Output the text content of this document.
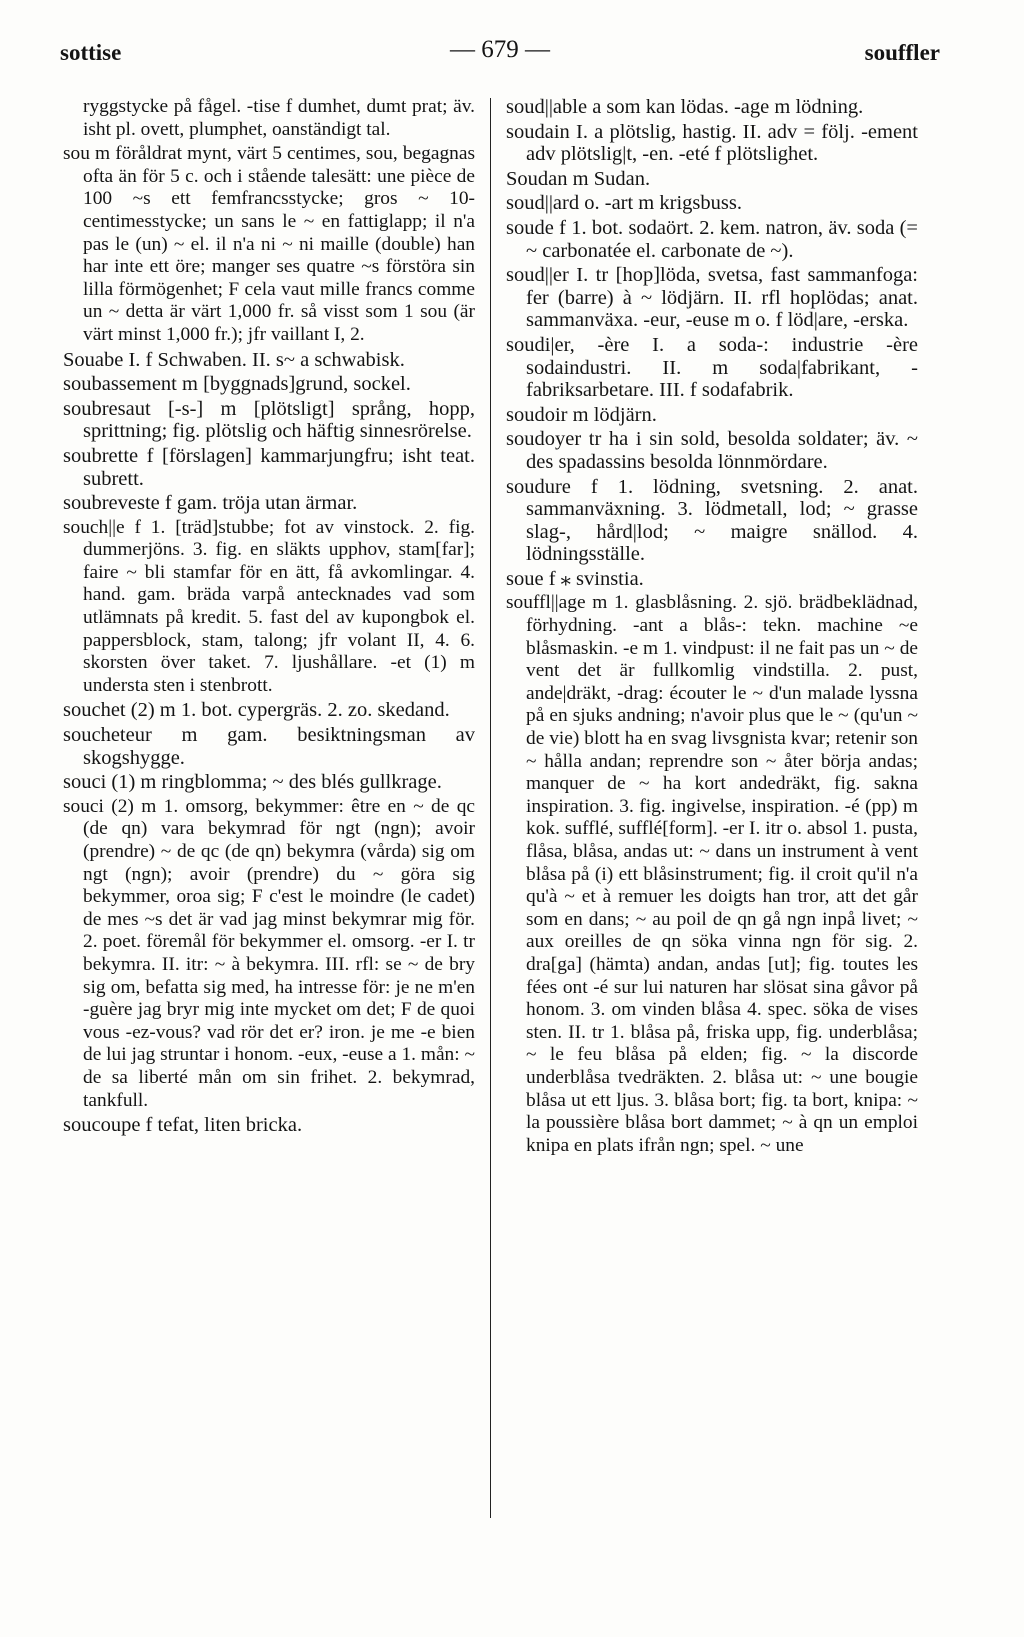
sottise	— 679 —	souffler

ryggstycke på fågel. -tise f dumhet, dumt prat; äv. isht pl. ovett, plumphet, oanständigt tal.

sou m föråldrat mynt, värt 5 centimes, sou, begagnas ofta än för 5 c. och i stående talesätt: une pièce de 100 ~s ett femfrancsstycke; gros ~ 10-centimesstycke; un sans le ~ en fattiglapp; il n'a pas le (un) ~ el. il n'a ni ~ ni maille (double) han har inte ett öre; manger ses quatre ~s förstöra sin lilla förmögenhet; F cela vaut mille francs comme un ~ detta är värt 1,000 fr. så visst som 1 sou (är värt minst 1,000 fr.); jfr vaillant I, 2.

Souabe I. f Schwaben. II. s~ a schwabisk.

soubassement m [byggnads]grund, sockel.

soubresaut [-s-] m [plötsligt] språng, hopp, sprittning; fig. plötslig och häftig sinnesrörelse.

soubrette f [förslagen] kammarjungfru; isht teat. subrett.

soubreveste f gam. tröja utan ärmar.

souch||e f 1. [träd]stubbe; fot av vinstock. 2. fig. dummerjöns. 3. fig. en släkts upphov, stam[far]; faire ~ bli stamfar för en ätt, få avkomlingar. 4. hand. gam. bräda varpå antecknades vad som utlämnats på kredit. 5. fast del av kupongbok el. pappersblock, stam, talong; jfr volant II, 4. 6. skorsten över taket. 7. ljushållare. -et (1) m understa sten i stenbrott.

souchet (2) m 1. bot. cypergräs. 2. zo. skedand.

soucheteur m gam. besiktningsman av skogshygge.

souci (1) m ringblomma; ~ des blés gullkrage.

souci (2) m 1. omsorg, bekymmer: être en ~ de qc (de qn) vara bekymrad för ngt (ngn); avoir (prendre) ~ de qc (de qn) bekymra (vårda) sig om ngt (ngn); avoir (prendre) du ~ göra sig bekymmer, oroa sig; F c'est le moindre (le cadet) de mes ~s det är vad jag minst bekymrar mig för. 2. poet. föremål för bekymmer el. omsorg. -er I. tr bekymra. II. itr: ~ à bekymra. III. rfl: se ~ de bry sig om, befatta sig med, ha intresse för: je ne m'en -guère jag bryr mig inte mycket om det; F de quoi vous -ez-vous? vad rör det er? iron. je me -e bien de lui jag struntar i honom. -eux, -euse a 1. mån: ~ de sa liberté mån om sin frihet. 2. bekymrad, tankfull.

soucoupe f tefat, liten bricka.

soud||able a som kan lödas. -age m lödning.

soudain I. a plötslig, hastig. II. adv = följ. -ement adv plötslig|t, -en. -eté f plötslighet.

Soudan m Sudan.

soud||ard o. -art m krigsbuss.

soude f 1. bot. sodaört. 2. kem. natron, äv. soda (= ~ carbonatée el. carbonate de ~).

soud||er I. tr [hop]löda, svetsa, fast sammanfoga: fer (barre) à ~ lödjärn. II. rfl hoplödas; anat. sammanväxa. -eur, -euse m o. f löd|are, -erska.

soudi|er, -ère I. a soda-: industrie -ère sodaindustri. II. m soda|fabrikant, -fabriksarbetare. III. f sodafabrik.

soudoir m lödjärn.

soudoyer tr ha i sin sold, besolda soldater; äv. ~ des spadassins besolda lönnmördare.

soudure f 1. lödning, svetsning. 2. anat. sammanväxning. 3. lödmetall, lod; ~ grasse slag-, hård|lod; ~ maigre snällod. 4. lödningsställe.

soue f ⁎ svinstia.

souffl||age m 1. glasblåsning. 2. sjö. brädbeklädnad, förhydning. -ant a blås-: tekn. machine ~e blåsmaskin. -e m 1. vindpust: il ne fait pas un ~ de vent det är fullkomlig vindstilla. 2. pust, ande|dräkt, -drag: écouter le ~ d'un malade lyssna på en sjuks andning; n'avoir plus que le ~ (qu'un ~ de vie) blott ha en svag livsgnista kvar; retenir son ~ hålla andan; reprendre son ~ åter börja andas; manquer de ~ ha kort andedräkt, fig. sakna inspiration. 3. fig. ingivelse, inspiration. -é (pp) m kok. sufflé, sufflé[form]. -er I. itr o. absol 1. pusta, flåsa, blåsa, andas ut: ~ dans un instrument à vent blåsa på (i) ett blåsinstrument; fig. il croit qu'il n'a qu'à ~ et à remuer les doigts han tror, att det går som en dans; ~ au poil de qn gå ngn inpå livet; ~ aux oreilles de qn söka vinna ngn för sig. 2. dra[ga] (hämta) andan, andas [ut]; fig. toutes les fées ont -é sur lui naturen har slösat sina gåvor på honom. 3. om vinden blåsa 4. spec. söka de vises sten. II. tr 1. blåsa på, friska upp, fig. underblåsa; ~ le feu blåsa på elden; fig. ~ la discorde underblåsa tvedräkten. 2. blåsa ut: ~ une bougie blåsa ut ett ljus. 3. blåsa bort; fig. ta bort, knipa: ~ la poussière blåsa bort dammet; ~ à qn un emploi knipa en plats ifrån ngn; spel. ~ une
